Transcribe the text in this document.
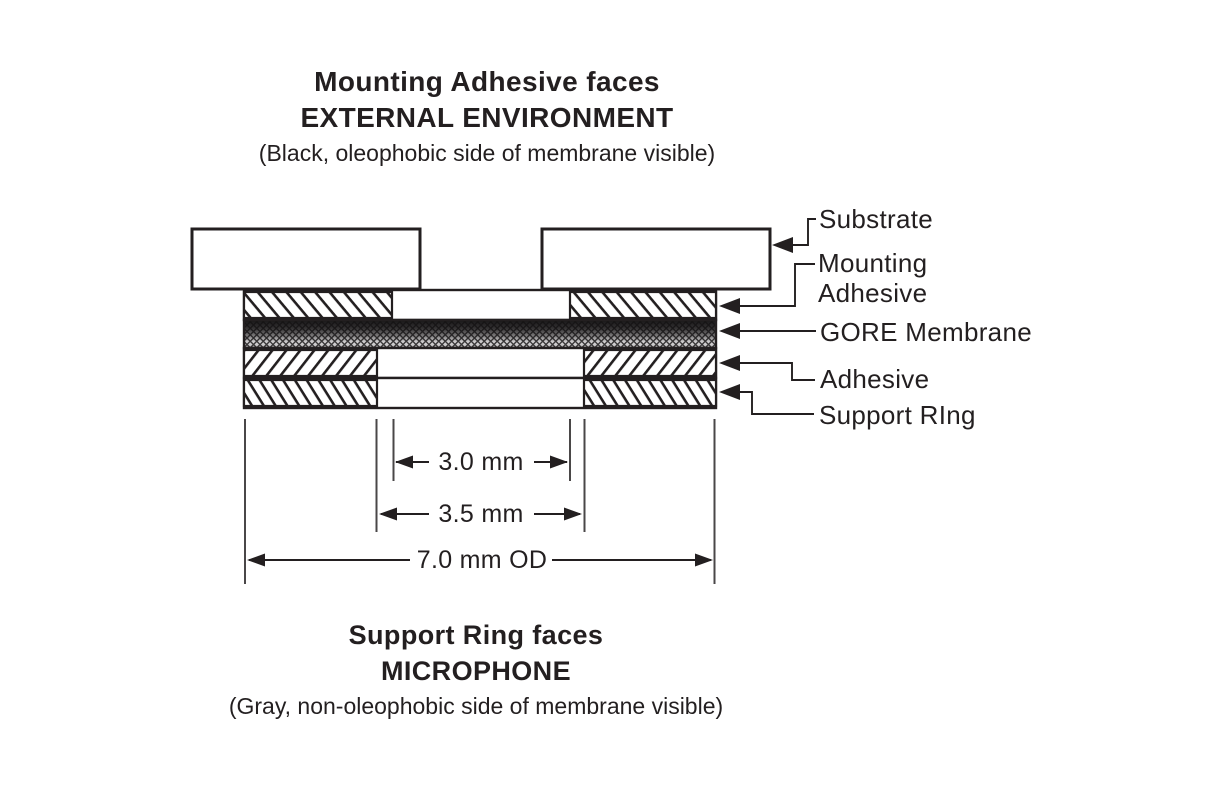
Mounting Adhesive faces
EXTERNAL ENVIRONMENT
(Black, oleophobic side of membrane visible)
Substrate
Mounting
Adhesive
GORE Membrane
Adhesive
Support RIng
3.0 mm
3.5 mm
7.0 mm OD
Support Ring faces
MICROPHONE
(Gray, non-oleophobic side of membrane visible)
